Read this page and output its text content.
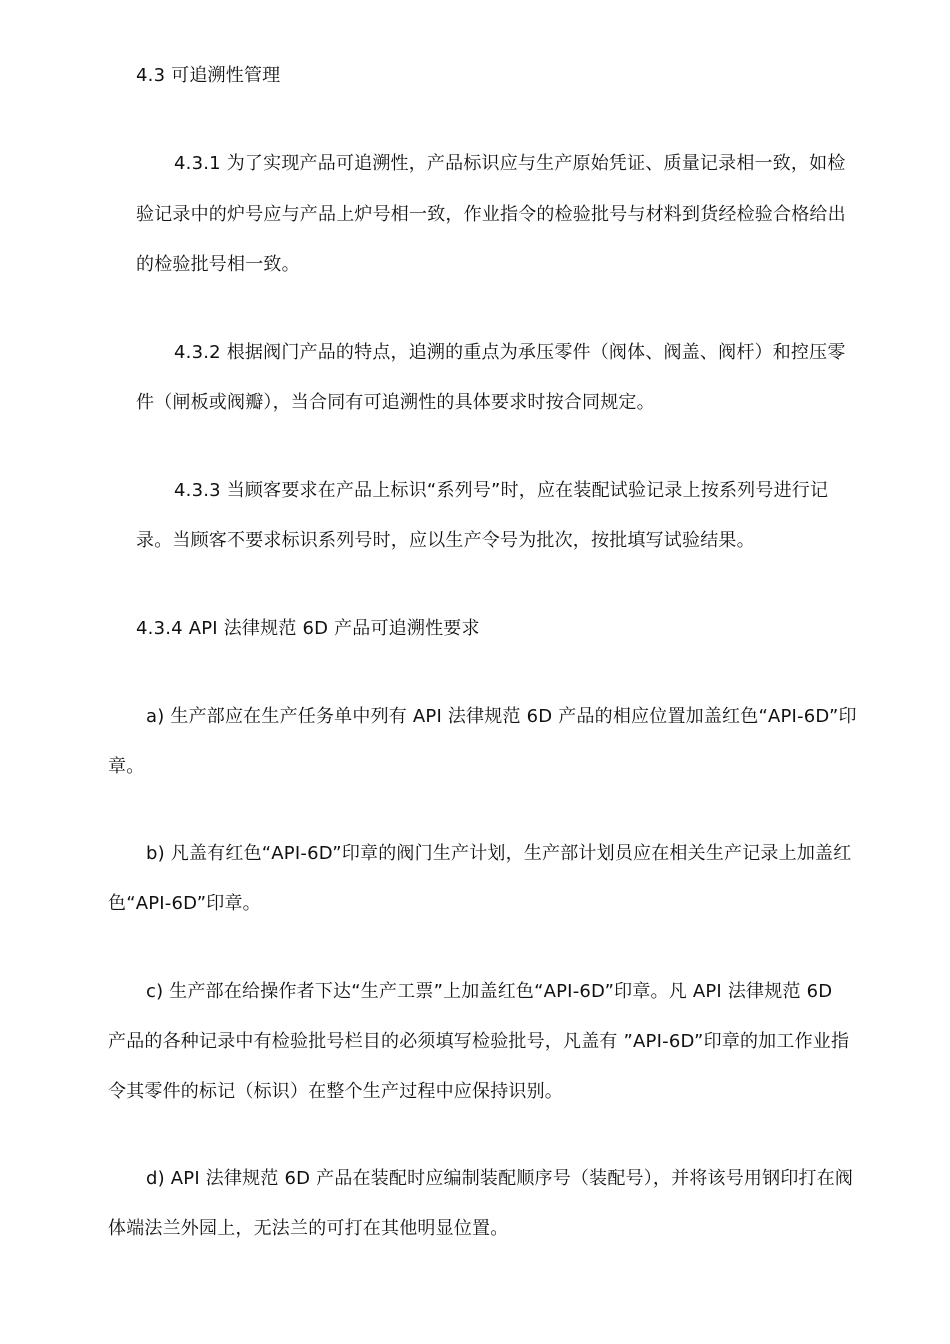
4.3 可追溯性管理
4.3.1 为了实现产品可追溯性，产品标识应与生产原始凭证、质量记录相一致，如检
验记录中的炉号应与产品上炉号相一致，作业指令的检验批号与材料到货经检验合格给出
的检验批号相一致。
4.3.2 根据阀门产品的特点，追溯的重点为承压零件（阀体、阀盖、阀杆）和控压零
件（闸板或阀瓣），当合同有可追溯性的具体要求时按合同规定。
4.3.3 当顾客要求在产品上标识“系列号”时，应在装配试验记录上按系列号进行记
录。当顾客不要求标识系列号时，应以生产令号为批次，按批填写试验结果。
4.3.4 API 法律规范 6D 产品可追溯性要求
a) 生产部应在生产任务单中列有 API 法律规范 6D 产品的相应位置加盖红色“API-6D”印
章。
b) 凡盖有红色“API-6D”印章的阀门生产计划，生产部计划员应在相关生产记录上加盖红
色“API-6D”印章。
c) 生产部在给操作者下达“生产工票”上加盖红色“API-6D”印章。凡 API 法律规范 6D
产品的各种记录中有检验批号栏目的必须填写检验批号，凡盖有 ”API-6D”印章的加工作业指
令其零件的标记（标识）在整个生产过程中应保持识别。
d) API 法律规范 6D 产品在装配时应编制装配顺序号（装配号），并将该号用钢印打在阀
体端法兰外园上，无法兰的可打在其他明显位置。
